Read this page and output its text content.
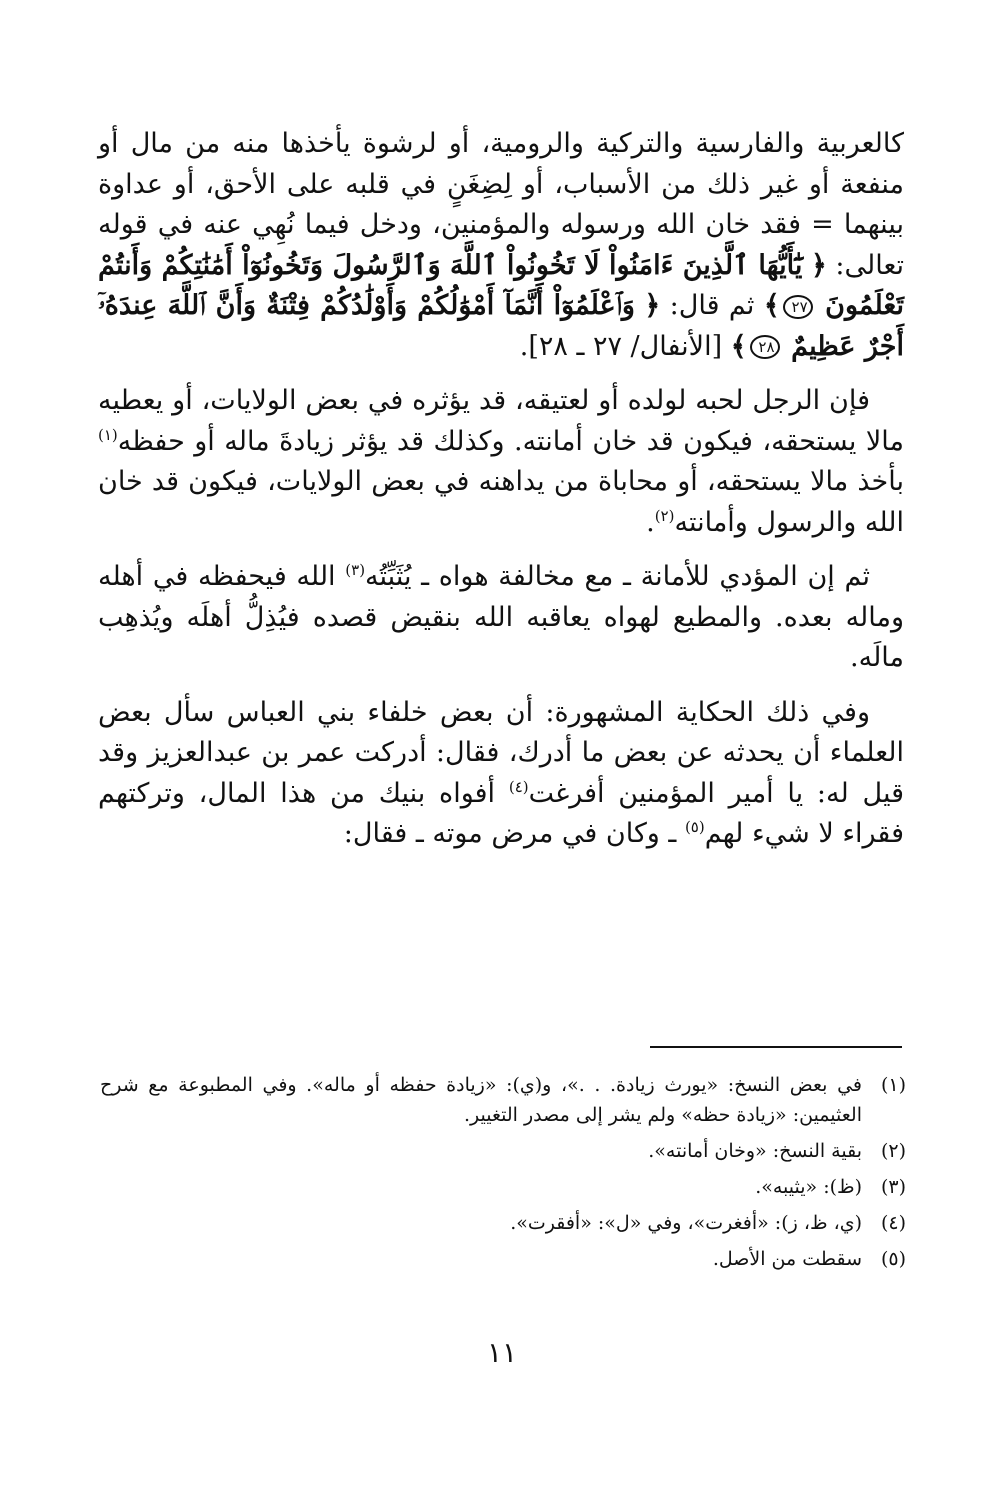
كالعربية والفارسية والتركية والرومية، أو لرشوة يأخذها منه من مال أو منفعة أو غير ذلك من الأسباب، أو لِضِغَنٍ في قلبه على الأحق، أو عداوة بينهما = فقد خان الله ورسوله والمؤمنين، ودخل فيما نُهِي عنه في قوله تعالى: ﴿ يَٰٓأَيُّهَا ٱلَّذِينَ ءَامَنُواْ لَا تَخُونُواْ ٱللَّهَ وَٱلرَّسُولَ وَتَخُونُوٓاْ أَمَٰنَٰتِكُمْ وَأَنتُمْ تَعْلَمُونَ ٢٧﴾ ثم قال: ﴿ وَٱعْلَمُوٓاْ أَنَّمَآ أَمْوَٰلُكُمْ وَأَوْلَٰدُكُمْ فِتْنَةٌ وَأَنَّ ٱللَّهَ عِندَهُۥٓ أَجْرٌ عَظِيمٌ ٢٨﴾ [الأنفال/ ٢٧ ـ ٢٨].

فإن الرجل لحبه لولده أو لعتيقه، قد يؤثره في بعض الولايات، أو يعطيه مالا يستحقه، فيكون قد خان أمانته. وكذلك قد يؤثر زيادةَ ماله أو حفظه$^{(١)}$ بأخذ مالا يستحقه، أو محاباة من يداهنه في بعض الولايات، فيكون قد خان الله والرسول وأمانته$^{(٢)}$.

ثم إن المؤدي للأمانة ـ مع مخالفة هواه ـ يُثَبِّتُه$^{(٣)}$ الله فيحفظه في أهله وماله بعده. والمطيع لهواه يعاقبه الله بنقيض قصده فيُذِلُّ أهلَه ويُذهِب مالَه.

وفي ذلك الحكاية المشهورة: أن بعض خلفاء بني العباس سأل بعض العلماء أن يحدثه عن بعض ما أدرك، فقال: أدركت عمر بن عبدالعزيز وقد قيل له: يا أمير المؤمنين أفرغت$^{(٤)}$ أفواه بنيك من هذا المال، وتركتهم فقراء لا شيء لهم$^{(٥)}$ ـ وكان في مرض موته ـ فقال:

(١)
في بعض النسخ: «يورث زيادة. . .»، و(ي): «زيادة حفظه أو ماله». وفي المطبوعة مع شرح العثيمين: «زيادة حظه» ولم يشر إلى مصدر التغيير.
(٢)
بقية النسخ: «وخان أمانته».
(٣)
(ظ): «يثيبه».
(٤)
(ي، ظ، ز): «أفغرت»، وفي «ل»: «أفقرت».
(٥)
سقطت من الأصل.
١١
